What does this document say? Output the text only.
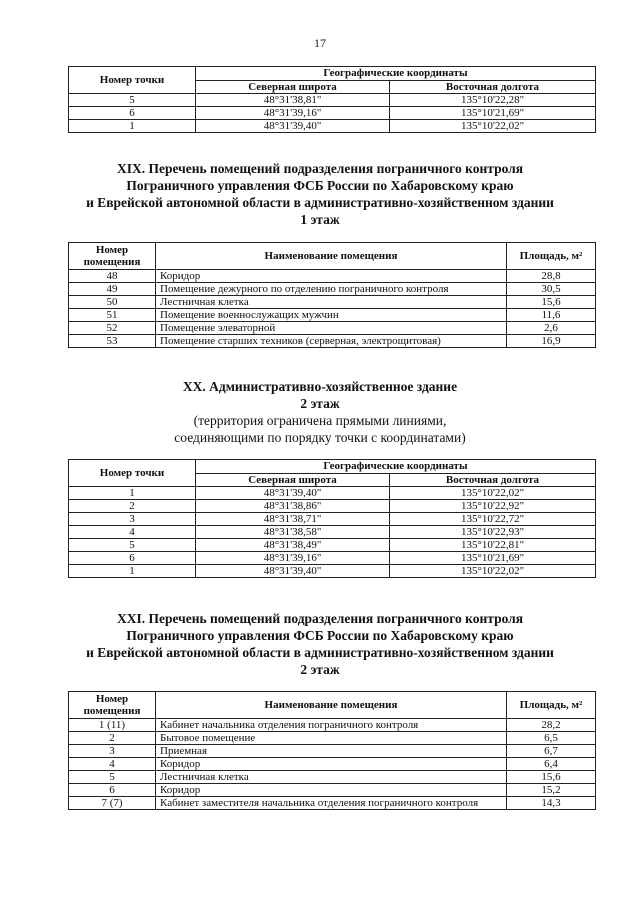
17
Номер точки	Географические координаты	
	Северная широта	Восточная долгота
5	48°31'38,81"	135°10'22,28"
6	48°31'39,16"	135°10'21,69"
1	48°31'39,40"	135°10'22,02"
XIX. Перечень помещений подразделения пограничного контроля
Пограничного управления ФСБ России по Хабаровскому краю
и Еврейской автономной области в административно-хозяйственном здании
1 этаж
Номер помещения	Наименование помещения	Площадь, м²
48	Коридор	28,8
49	Помещение дежурного по отделению пограничного контроля	30,5
50	Лестничная клетка	15,6
51	Помещение военнослужащих мужчин	11,6
52	Помещение элеваторной	2,6
53	Помещение старших техников (серверная, электрощитовая)	16,9
XX. Административно-хозяйственное здание
2 этаж
(территория ограничена прямыми линиями,
соединяющими по порядку точки с координатами)
Номер точки	Географические координаты	
	Северная широта	Восточная долгота
1	48°31'39,40"	135°10'22,02"
2	48°31'38,86"	135°10'22,92"
3	48°31'38,71"	135°10'22,72"
4	48°31'38,58"	135°10'22,93"
5	48°31'38,49"	135°10'22,81"
6	48°31'39,16"	135°10'21,69"
1	48°31'39,40"	135°10'22,02"
XXI. Перечень помещений подразделения пограничного контроля
Пограничного управления ФСБ России по Хабаровскому краю
и Еврейской автономной области в административно-хозяйственном здании
2 этаж
Номер помещения	Наименование помещения	Площадь, м²
1 (11)	Кабинет начальника отделения пограничного контроля	28,2
2	Бытовое помещение	6,5
3	Приемная	6,7
4	Коридор	6,4
5	Лестничная клетка	15,6
6	Коридор	15,2
7 (7)	Кабинет заместителя начальника отделения пограничного контроля	14,3
